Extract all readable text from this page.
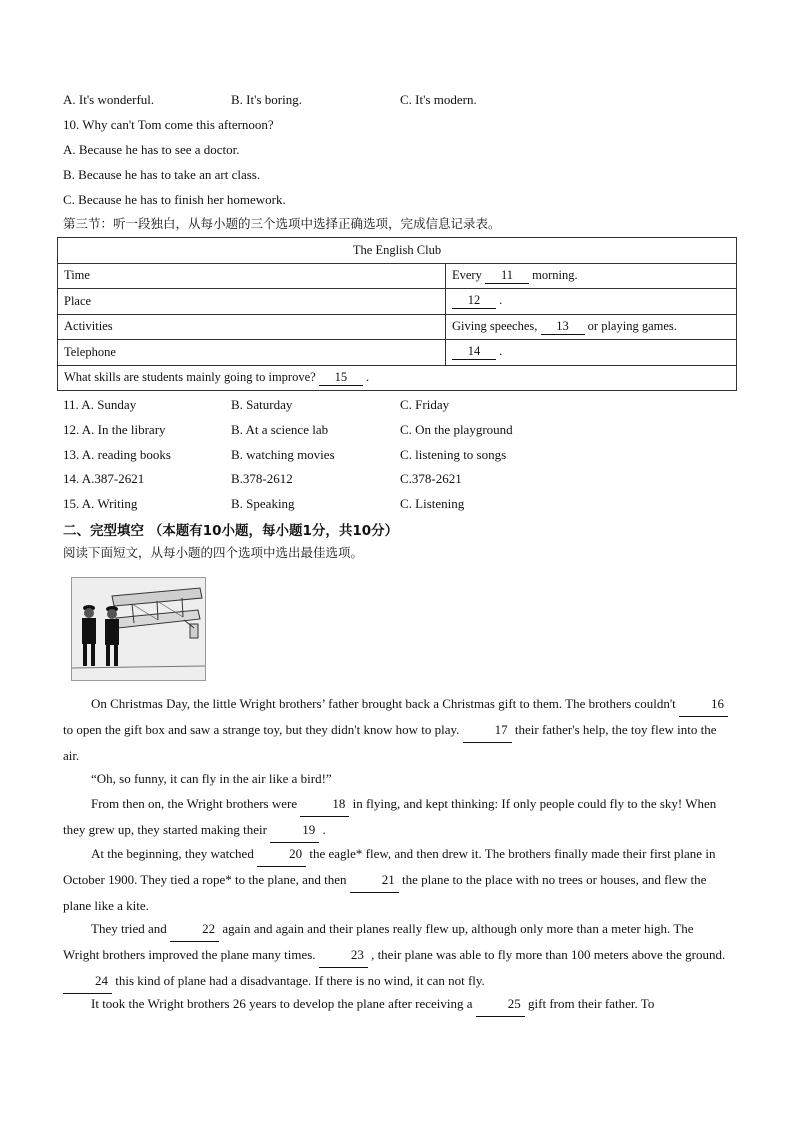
A. It's wonderful.	B. It's boring.	C. It's modern.
10. Why can't Tom come this afternoon?
A. Because he has to see a doctor.
B. Because he has to take an art class.
C. Because he has to finish her homework.
第三节：听一段独白，从每小题的三个选项中选择正确选项，完成信息记录表。
The English Club	
Time	Every 11 morning.
Place	12 .
Activities	Giving speeches, 13 or playing games.
Telephone	14 .
What skills are students mainly going to improve? 15 .	
11. A. Sunday	B. Saturday	C. Friday
12. A. In the library	B. At a science lab	C. On the playground
13. A. reading books	B. watching movies	C. listening to songs
14. A.387-2621	B.378-2612	C.378-2621
15. A. Writing	B. Speaking	C. Listening
二、完型填空 （本题有10小题，每小题1分，共10分）
阅读下面短文，从每小题的四个选项中选出最佳选项。
On Christmas Day, the little Wright brothers’ father brought back a Christmas gift to them. The brothers couldn't	16 to open the gift box and saw a strange toy, but they didn't know how to play.	17 their father's help, the toy flew into the air.
“Oh, so funny, it can fly in the air like a bird!”
From then on, the Wright brothers were	18 in flying, and kept thinking: If only people could fly to the sky! When they grew up, they started making their	19 .
At the beginning, they watched	20 the eagle* flew, and then drew it. The brothers finally made their first plane in October 1900. They tied a rope* to the plane, and then	21 the plane to the place with no trees or houses, and flew the plane like a kite.
They tried and	22 again and again and their planes really flew up, although only more than a meter high. The Wright brothers improved the plane many times.	23 , their plane was able to fly more than 100 meters above the ground. 24 this kind of plane had a disadvantage. If there is no wind, it can not fly.
It took the Wright brothers 26 years to develop the plane after receiving a	25 gift from their father. To
